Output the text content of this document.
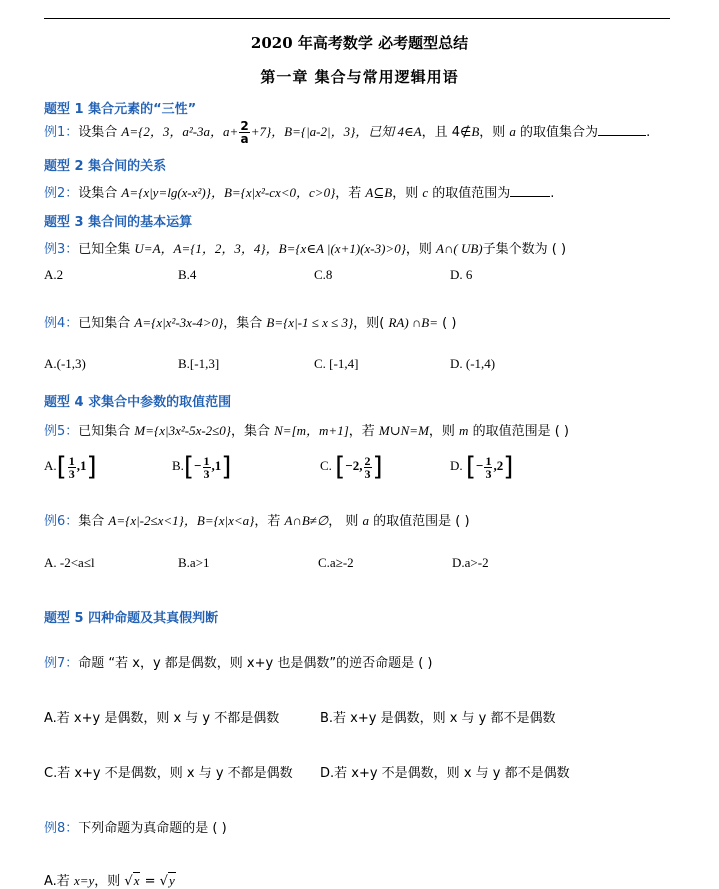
2020 年高考数学 必考题型总结
第一章 集合与常用逻辑用语
题型 1 集合元素的“三性”
例1：设集合 A={2，3，a²-3a，$a+ \frac{2}{a} +7$}，B={|a-2|，3}，已知 4∈A，且 4∉B，则 a 的取值集合为	.
题型 2 集合间的关系
例2：设集合 A={x|y=lg(x-x²)}，B={x|x²-cx<0，c>0}，若 A⊆B，则 c 的取值范围为	.
题型 3 集合间的基本运算
例3：已知全集 U=A，A={1，2，3，4}，B={x∈A |(x+1)(x-3)>0}，则 A∩( UB)子集个数为 ( )
A.2	B.4	C.8	D. 6
例4：已知集合 A={x|x²-3x-4>0}，集合 B={x|-1 ≤ x ≤ 3}，则( RA) ∩B= ( )
A.(-1,3)	B.[-1,3]	C. [-1,4]	D. (-1,4)
题型 4 求集合中参数的取值范围
例5：已知集合 M={x|3x²-5x-2≤0}，集合 N=[m，m+1]，若 M∪N=M，则 m 的取值范围是 ( )
$A.[ \frac{1}{3} ,1]$	$B.[- \frac{1}{3} ,1]$	C. [−2, $\frac{2}{3}$ ]	D. [− $\frac{1}{3} ,2$]
例6：集合 A={x|-2≤x<1}，B={x|x<a}，若 A∩B≠∅， 则 a 的取值范围是 ( )
A. -2<a≤l	B.a>1	C.a≥-2	D.a>-2
题型 5 四种命题及其真假判断
例7：命题 “若 x，y 都是偶数，则 x+y 也是偶数”的逆否命题是 ( )
A.若 x+y 是偶数，则 x 与 y 不都是偶数	B.若 x+y 是偶数，则 x 与 y 都不是偶数
C.若 x+y 不是偶数，则 x 与 y 不都是偶数 D.若 x+y 不是偶数，则 x 与 y 都不是偶数
例8：下列命题为真命题的是 ( )
A.若 x=y，则 √x = √y
